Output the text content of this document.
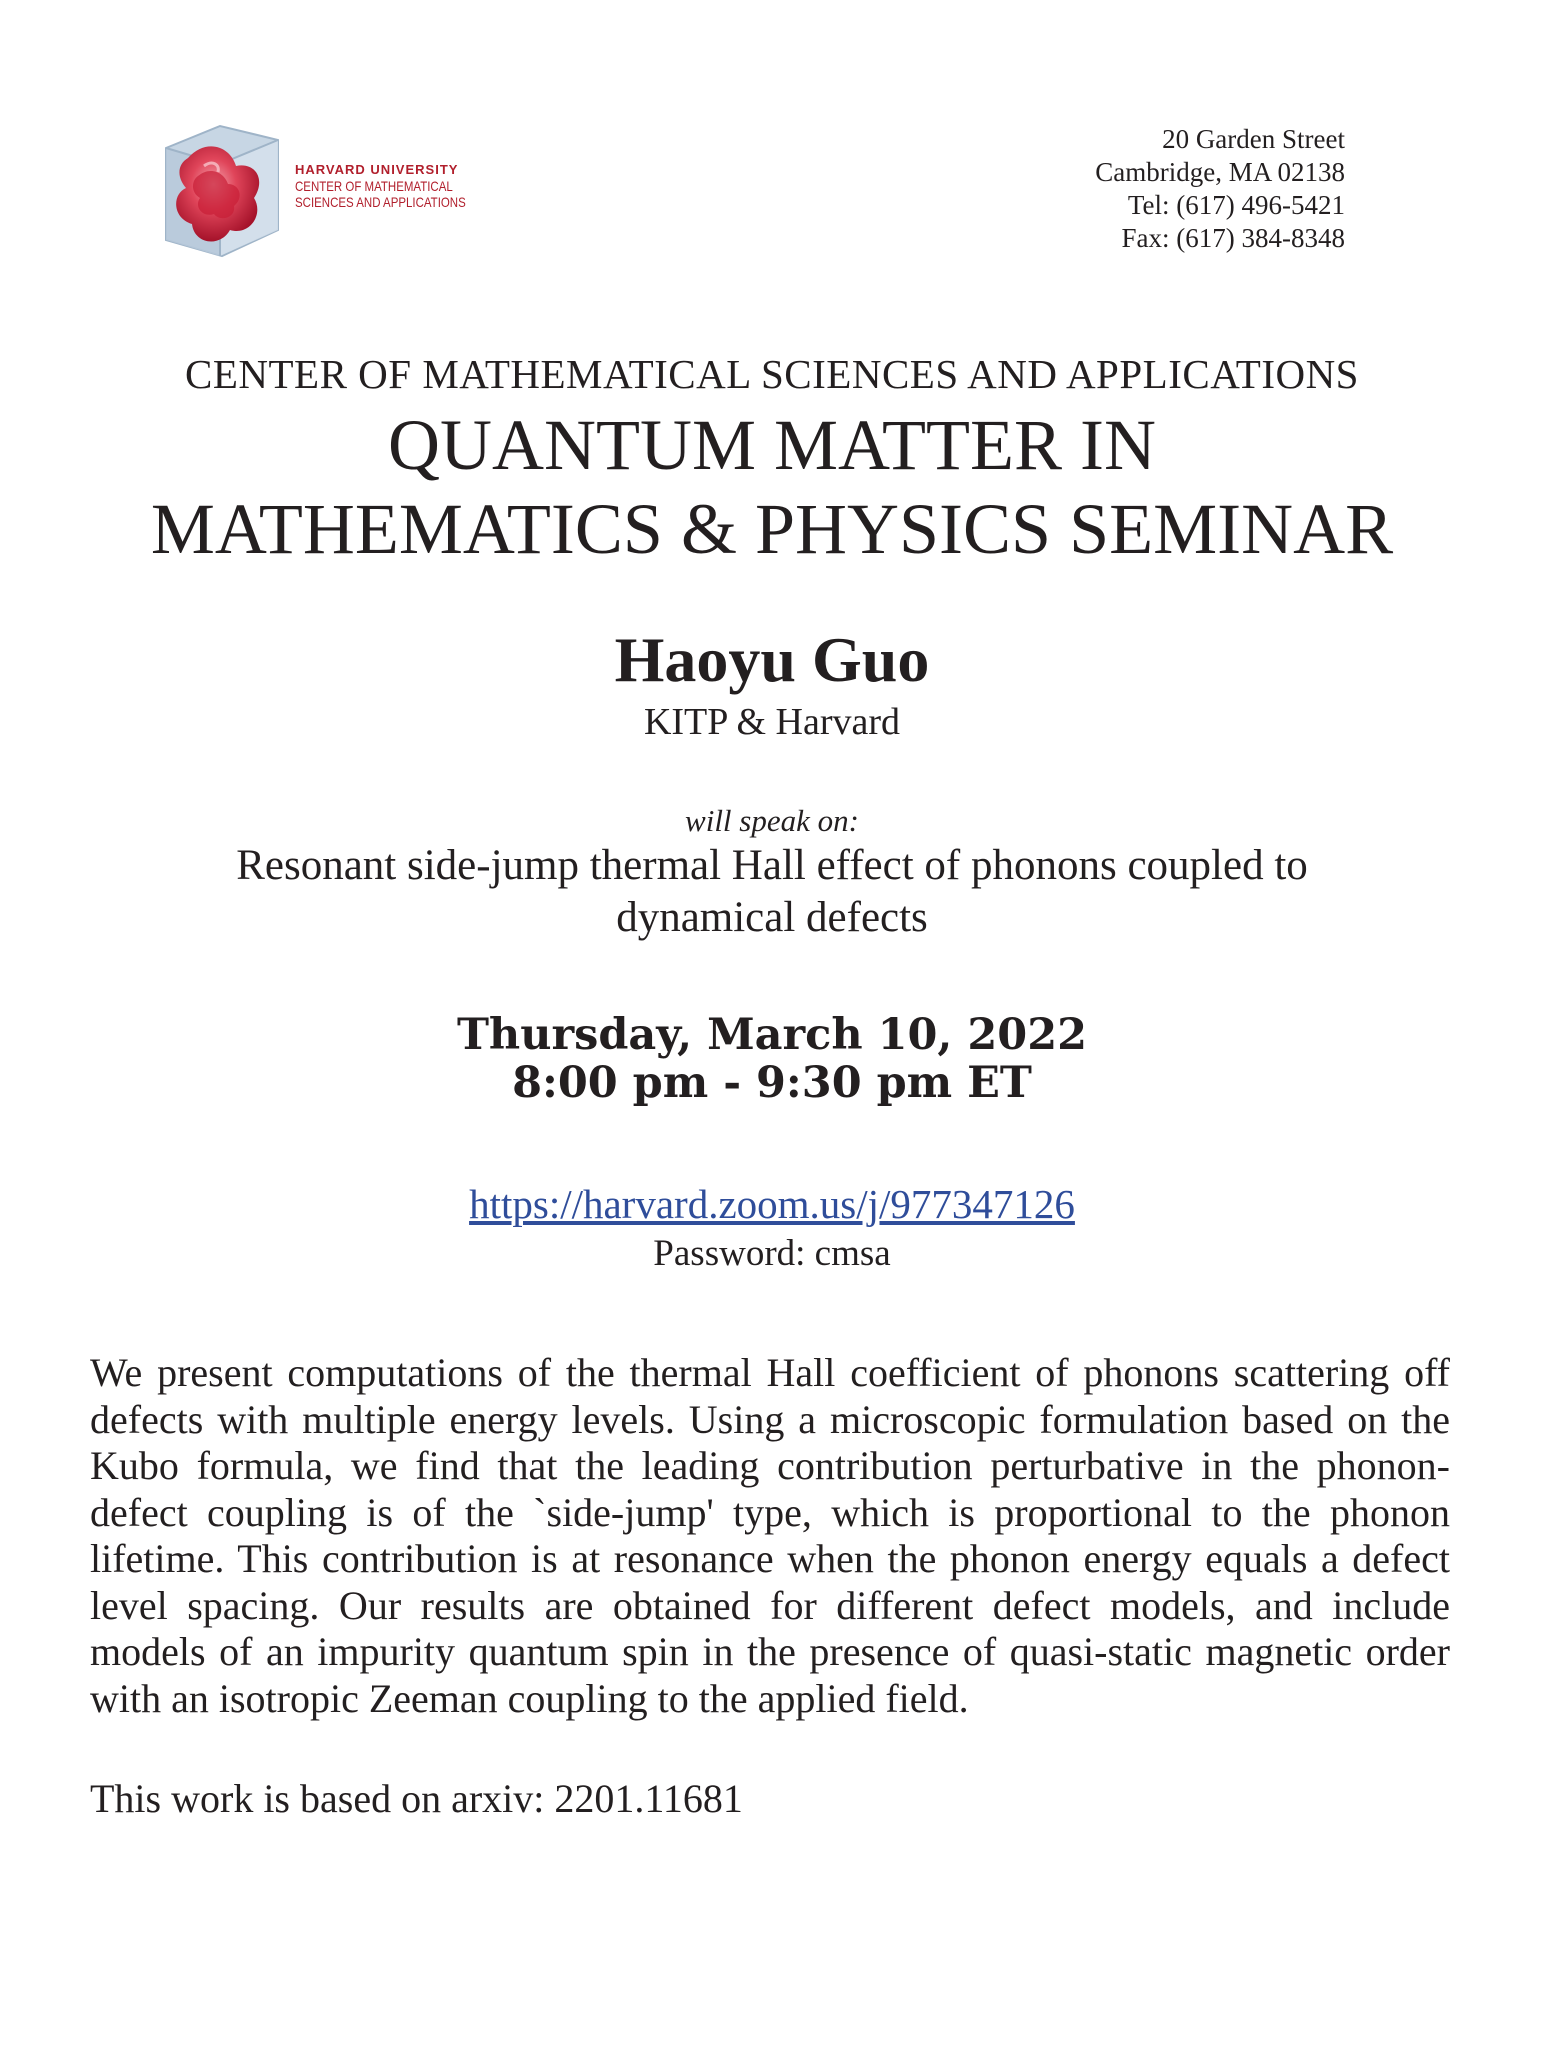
HARVARD UNIVERSITY
CENTER OF MATHEMATICAL
SCIENCES AND APPLICATIONS
20 Garden Street
Cambridge, MA 02138
Tel: (617) 496-5421
Fax: (617) 384-8348
CENTER OF MATHEMATICAL SCIENCES AND APPLICATIONS
QUANTUM MATTER IN
MATHEMATICS & PHYSICS SEMINAR
Haoyu Guo
KITP & Harvard
will speak on:
Resonant side-jump thermal Hall effect of phonons coupled to
dynamical defects
Thursday, March 10, 2022
8:00 pm - 9:30 pm ET
https://harvard.zoom.us/j/977347126
Password: cmsa
We present computations of the thermal Hall coefficient of phonons scattering off defects with multiple energy levels. Using a microscopic formulation based on the Kubo formula, we find that the leading contribution perturbative in the phonon-defect coupling is of the `side-jump' type, which is proportional to the phonon lifetime. This contribution is at resonance when the phonon energy equals a defect level spacing. Our results are obtained for different defect models, and include models of an impurity quantum spin in the presence of quasi-static magnetic order with an isotropic Zeeman coupling to the applied field.
This work is based on arxiv: 2201.11681
